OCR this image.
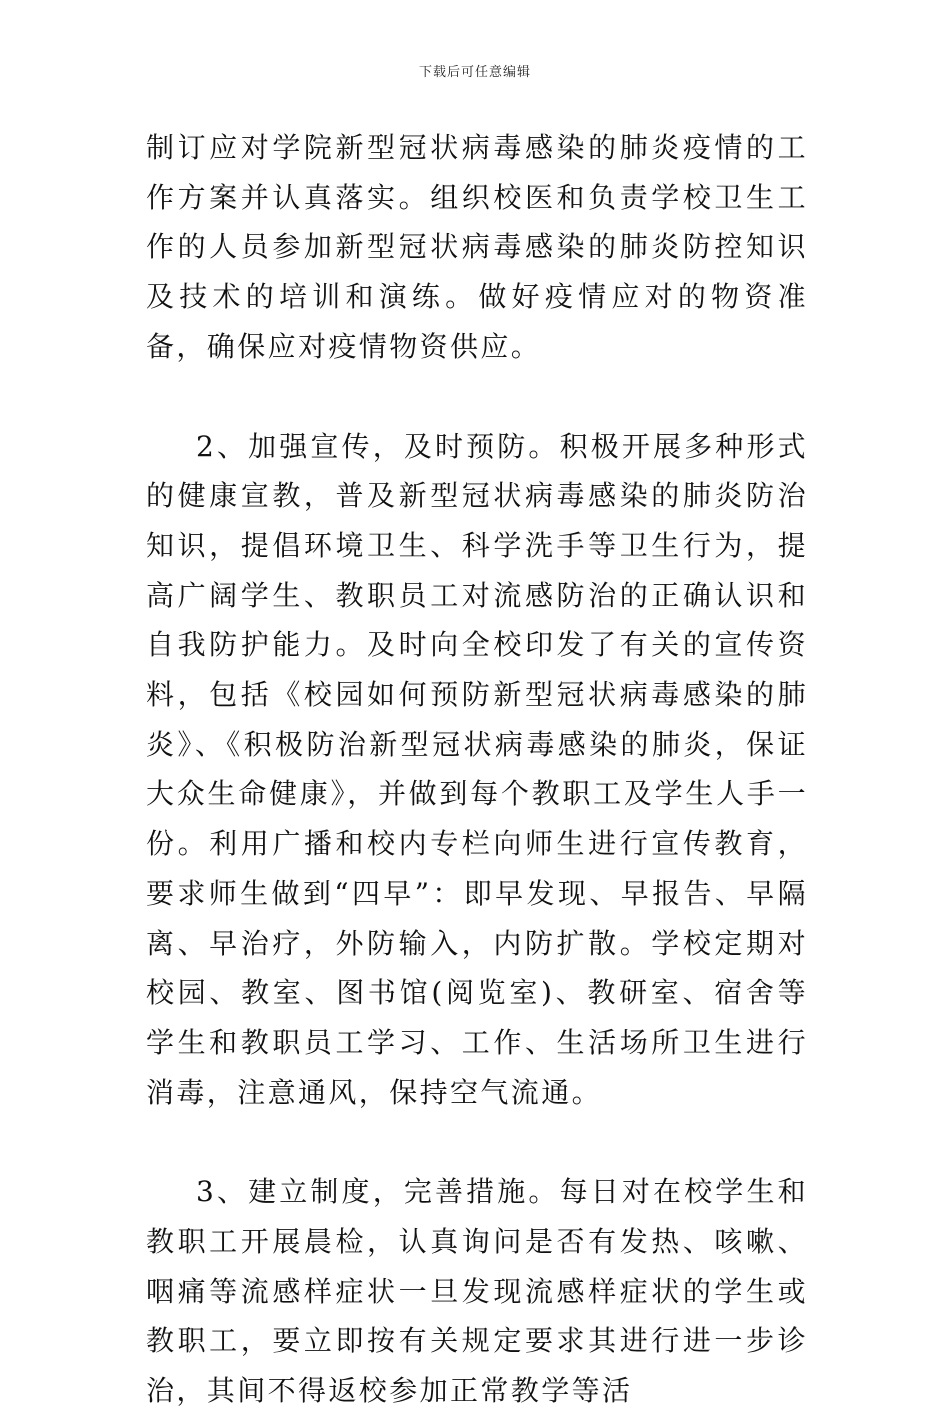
下载后可任意编辑

制订应对学院新型冠状病毒感染的肺炎疫情的工作方案并认真落实。组织校医和负责学校卫生工作的人员参加新型冠状病毒感染的肺炎防控知识及技术的培训和演练。做好疫情应对的物资准备，确保应对疫情物资供应。

2、加强宣传，及时预防。积极开展多种形式的健康宣教，普及新型冠状病毒感染的肺炎防治知识，提倡环境卫生、科学洗手等卫生行为，提高广阔学生、教职员工对流感防治的正确认识和自我防护能力。及时向全校印发了有关的宣传资料，包括《校园如何预防新型冠状病毒感染的肺炎》、《积极防治新型冠状病毒感染的肺炎，保证大众生命健康》，并做到每个教职工及学生人手一份。利用广播和校内专栏向师生进行宣传教育，要求师生做到“四早”：即早发现、早报告、早隔离、早治疗，外防输入，内防扩散。学校定期对校园、教室、图书馆(阅览室)、教研室、宿舍等学生和教职员工学习、工作、生活场所卫生进行消毒，注意通风，保持空气流通。

3、建立制度，完善措施。每日对在校学生和教职工开展晨检，认真询问是否有发热、咳嗽、咽痛等流感样症状一旦发现流感样症状的学生或教职工，要立即按有关规定要求其进行进一步诊治，其间不得返校参加正常教学等活
